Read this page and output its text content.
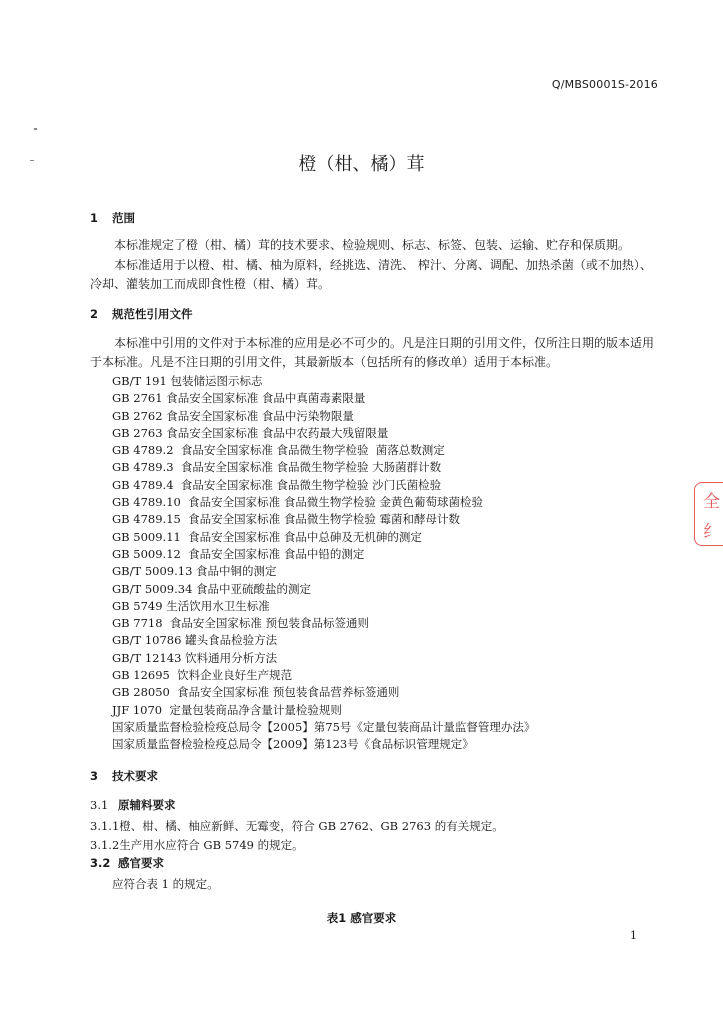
Q/MBS0001S-2016
橙（柑、橘）茸
1 范围
本标准规定了橙（柑、橘）茸的技术要求、检验规则、标志、标签、包装、运输、贮存和保质期。
本标准适用于以橙、柑、橘、柚为原料，经挑选、清洗、 榨汁、分离、调配、加热杀菌（或不加热）、冷却、灌装加工而成即食性橙（柑、橘）茸。
2 规范性引用文件
本标准中引用的文件对于本标准的应用是必不可少的。凡是注日期的引用文件，仅所注日期的版本适用于本标准。凡是不注日期的引用文件，其最新版本（包括所有的修改单）适用于本标准。
GB/T 191 包装储运图示标志
GB 2761 食品安全国家标准 食品中真菌毒素限量
GB 2762 食品安全国家标准 食品中污染物限量
GB 2763 食品安全国家标准 食品中农药最大残留限量
GB 4789.2  食品安全国家标准 食品微生物学检验  菌落总数测定
GB 4789.3  食品安全国家标准 食品微生物学检验 大肠菌群计数
GB 4789.4  食品安全国家标准 食品微生物学检验 沙门氏菌检验
GB 4789.10  食品安全国家标准 食品微生物学检验 金黄色葡萄球菌检验
GB 4789.15  食品安全国家标准 食品微生物学检验 霉菌和酵母计数
GB 5009.11  食品安全国家标准 食品中总砷及无机砷的测定
GB 5009.12  食品安全国家标准 食品中铅的测定
GB/T 5009.13 食品中铜的测定
GB/T 5009.34 食品中亚硫酸盐的测定
GB 5749 生活饮用水卫生标准
GB 7718  食品安全国家标准 预包装食品标签通则
GB/T 10786 罐头食品检验方法
GB/T 12143 饮料通用分析方法
GB 12695  饮料企业良好生产规范
GB 28050  食品安全国家标准 预包装食品营养标签通则
JJF 1070  定量包装商品净含量计量检验规则
国家质量监督检验检疫总局令【2005】第75号《定量包装商品计量监督管理办法》
国家质量监督检验检疫总局令【2009】第123号《食品标识管理规定》
3 技术要求
3.1 原辅料要求
3.1.1橙、柑、橘、柚应新鲜、无霉变，符合 GB 2762、GB 2763 的有关规定。
3.1.2生产用水应符合 GB 5749 的规定。
3.2 感官要求
应符合表 1 的规定。
表1 感官要求
1
全
纟
